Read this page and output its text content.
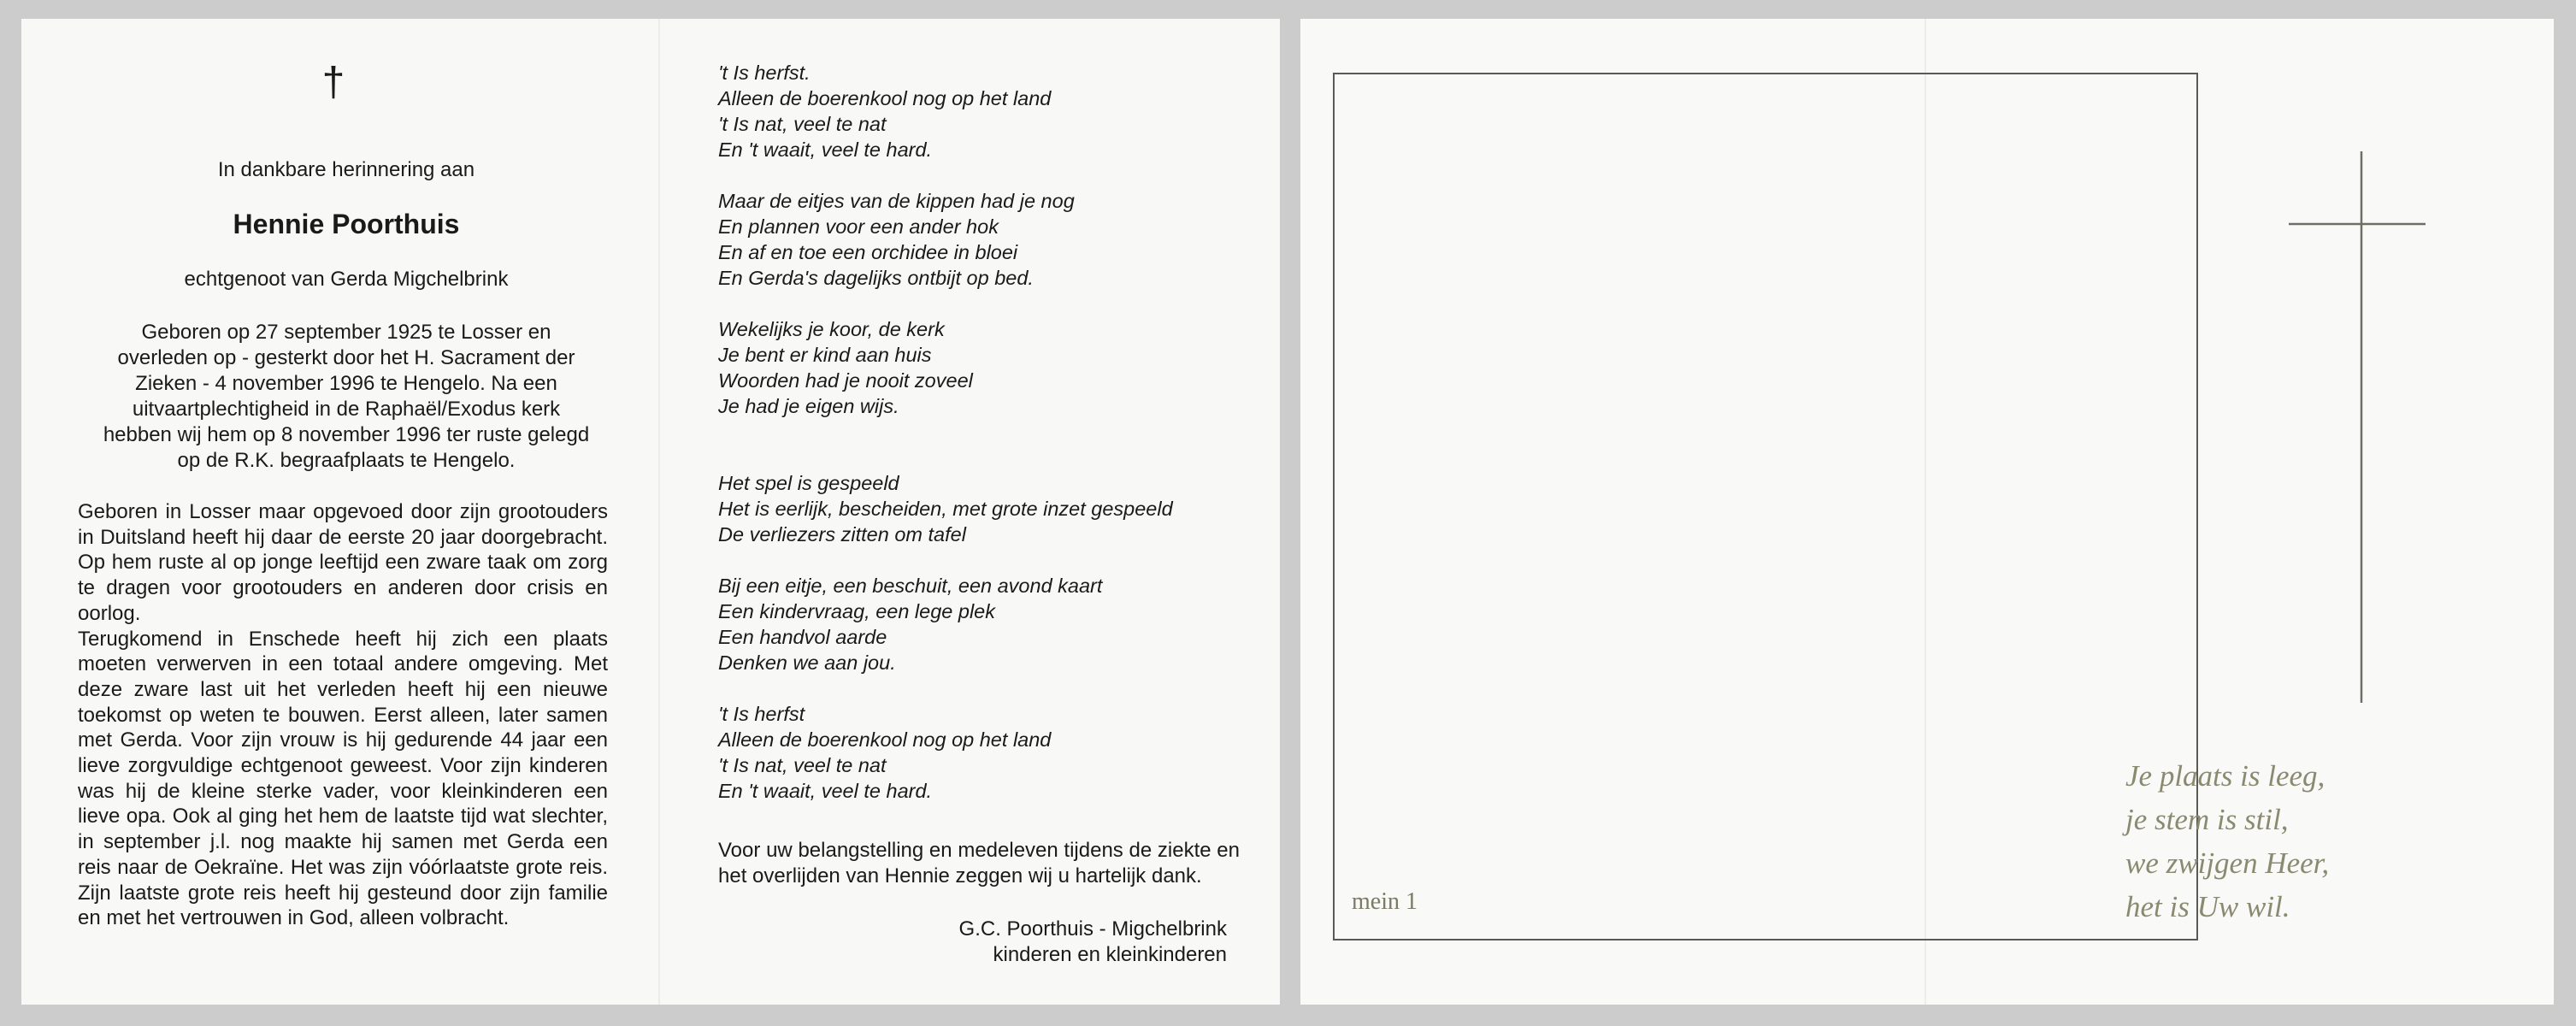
†
In dankbare herinnering aan
Hennie Poorthuis
echtgenoot van Gerda Migchelbrink
Geboren op 27 september 1925 te Losser en
overleden op - gesterkt door het H. Sacrament der
Zieken - 4 november 1996 te Hengelo. Na een
uitvaartplechtigheid in de Raphaël/Exodus kerk
hebben wij hem op 8 november 1996 ter ruste gelegd
op de R.K. begraafplaats te Hengelo.

Geboren in Losser maar opgevoed door zijn grootouders in Duitsland heeft hij daar de eerste 20 jaar doorgebracht. Op hem ruste al op jonge leeftijd een zware taak om zorg te dragen voor grootouders en anderen door crisis en oorlog.

Terugkomend in Enschede heeft hij zich een plaats moeten verwerven in een totaal andere omgeving. Met deze zware last uit het verleden heeft hij een nieuwe toekomst op weten te bouwen. Eerst alleen, later samen met Gerda. Voor zijn vrouw is hij gedurende 44 jaar een lieve zorgvuldige echtgenoot geweest. Voor zijn kinderen was hij de kleine sterke vader, voor kleinkinderen een lieve opa. Ook al ging het hem de laatste tijd wat slechter, in september j.l. nog maakte hij samen met Gerda een reis naar de Oekraïne. Het was zijn vóórlaatste grote reis. Zijn laatste grote reis heeft hij gesteund door zijn familie en met het vertrouwen in God, alleen volbracht.

't Is herfst.
Alleen de boerenkool nog op het land
't Is nat, veel te nat
En 't waait, veel te hard.
Maar de eitjes van de kippen had je nog
En plannen voor een ander hok
En af en toe een orchidee in bloei
En Gerda's dagelijks ontbijt op bed.
Wekelijks je koor, de kerk
Je bent er kind aan huis
Woorden had je nooit zoveel
Je had je eigen wijs.
Het spel is gespeeld
Het is eerlijk, bescheiden, met grote inzet gespeeld
De verliezers zitten om tafel
Bij een eitje, een beschuit, een avond kaart
Een kindervraag, een lege plek
Een handvol aarde
Denken we aan jou.
't Is herfst
Alleen de boerenkool nog op het land
't Is nat, veel te nat
En 't waait, veel te hard.
Voor uw belangstelling en medeleven tijdens de ziekte en het overlijden van Hennie zeggen wij u hartelijk dank.
G.C. Poorthuis - Migchelbrink
kinderen en kleinkinderen
Je plaats is leeg,
je stem is stil,
we zwijgen Heer,
het is Uw wil.
mein 1
